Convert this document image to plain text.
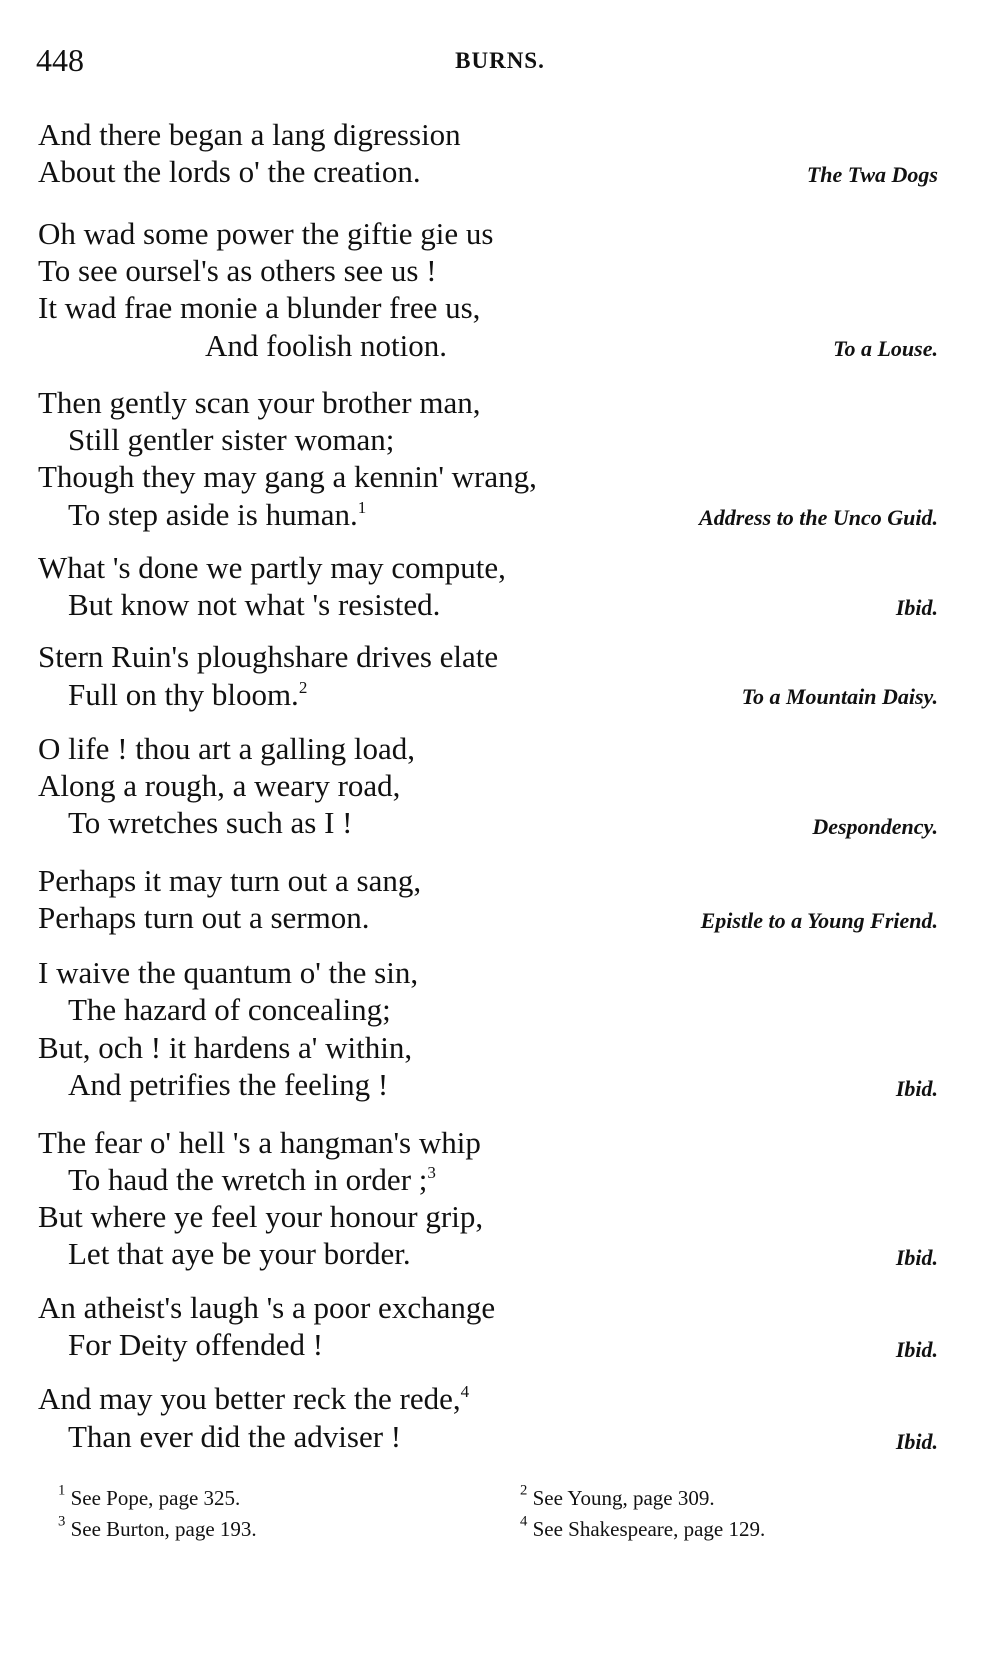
448	BURNS.
And there began a lang digression
About the lords o' the creation.	The Twa Dogs
Oh wad some power the giftie gie us
To see oursel's as others see us !
It wad frae monie a blunder free us,
And foolish notion.	To a Louse.
Then gently scan your brother man,
Still gentler sister woman;
Though they may gang a kennin' wrang,
To step aside is human.$^1$	Address to the Unco Guid.
What 's done we partly may compute,
But know not what 's resisted.	Ibid.
Stern Ruin's ploughshare drives elate
Full on thy bloom.$^2$	To a Mountain Daisy.
O life ! thou art a galling load,
Along a rough, a weary road,
To wretches such as I !	Despondency.
Perhaps it may turn out a sang,
Perhaps turn out a sermon.	Epistle to a Young Friend.
I waive the quantum o' the sin,
The hazard of concealing;
But, och ! it hardens a' within,
And petrifies the feeling !	Ibid.
The fear o' hell 's a hangman's whip
To haud the wretch in order ;$^3$
But where ye feel your honour grip,
Let that aye be your border.	Ibid.
An atheist's laugh 's a poor exchange
For Deity offended !	Ibid.
And may you better reck the rede,$^4$
Than ever did the adviser !	Ibid.
$^1$ See Pope, page 325.	$^2$ See Young, page 309.
$^3$ See Burton, page 193.	$^4$ See Shakespeare, page 129.
